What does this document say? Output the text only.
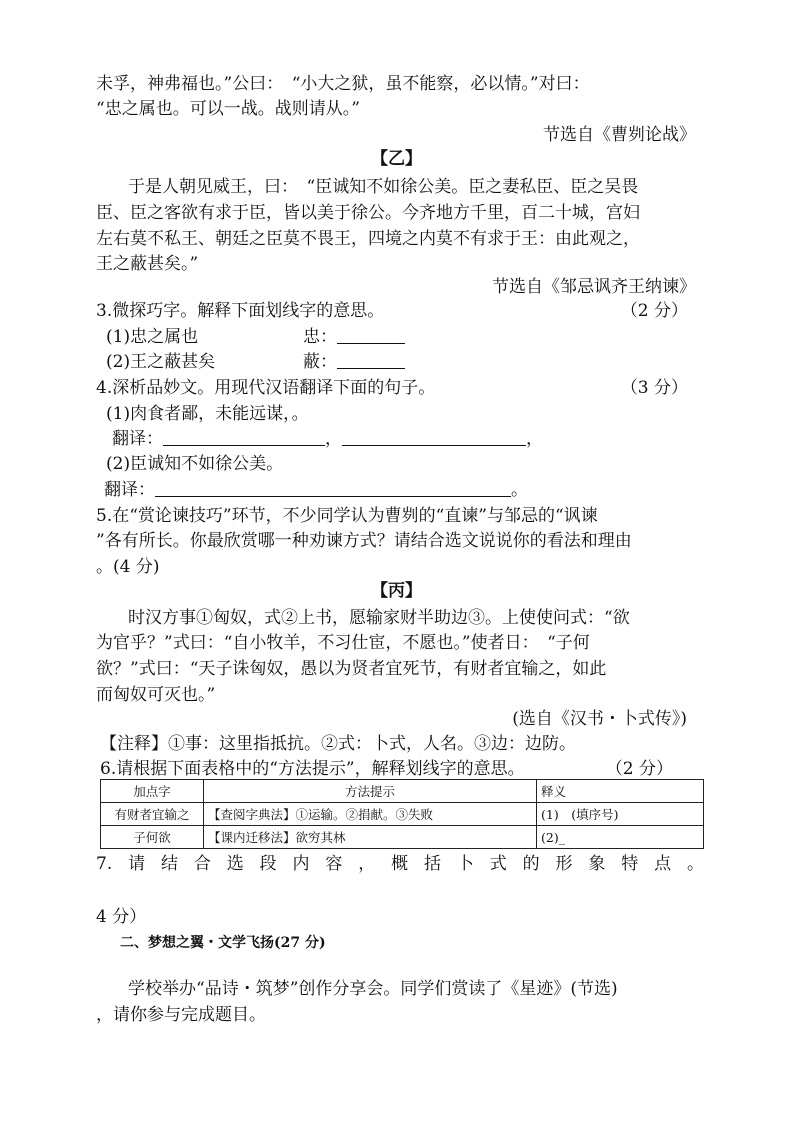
未孚，神弗福也。”公曰：　“小大之狱，虽不能察，必以情。”对曰：
“忠之属也。可以一战。战则请从。”
节选自《曹刿论战》
【乙】
于是人朝见威王，曰：　“臣诚知不如徐公美。臣之妻私臣、臣之吴畏
臣、臣之客欲有求于臣，皆以美于徐公。今齐地方千里，百二十城，宫妇
左右莫不私王、朝廷之臣莫不畏王，四境之内莫不有求于王：由此观之，
王之蔽甚矣。”
节选自《邹忌讽齐王纳谏》
3.微探巧字。解释下面划线字的意思。	（2 分）
(1)忠之属也	忠：
(2)王之蔽甚矣	蔽：
4.深析品妙文。用现代汉语翻译下面的句子。	（3 分）
(1)肉食者鄙，未能远谋，。
翻译：	，	，
(2)臣诚知不如徐公美。
翻译：	。
5.在“赏论谏技巧”环节，不少同学认为曹刿的“直谏”与邹忌的“讽谏
”各有所长。你最欣赏哪一种劝谏方式？请结合选文说说你的看法和理由
。(4 分)
【丙】
时汉方事①匈奴，式②上书，愿输家财半助边③。上使使问式：“欲
为官乎？”式曰：“自小牧羊，不习仕宦，不愿也。”使者日：　“子何
欲？”式曰：“天子诛匈奴，愚以为贤者宜死节，有财者宜输之，如此
而匈奴可灭也。”
(选自《汉书・卜式传》)
【注释】①事：这里指抵抗。②式：卜式，人名。③边：边防。
6.请根据下面表格中的“方法提示”，解释划线字的意思。	（2 分）
加点字	方法提示	释义
有财者宜输之	【查阅字典法】①运输。②捐献。③失败	(1)　(填序号)
子何欲	【课内迁移法】欲穷其林	(2)_
7. 请 结 合 选 段 内 容 ， 概 括 卜 式 的 形 象 特 点 。
4 分）
二、梦想之翼・文学飞扬(27 分)
学校举办“品诗・筑梦”创作分享会。同学们赏读了《星迹》(节选)
，请你参与完成题目。
